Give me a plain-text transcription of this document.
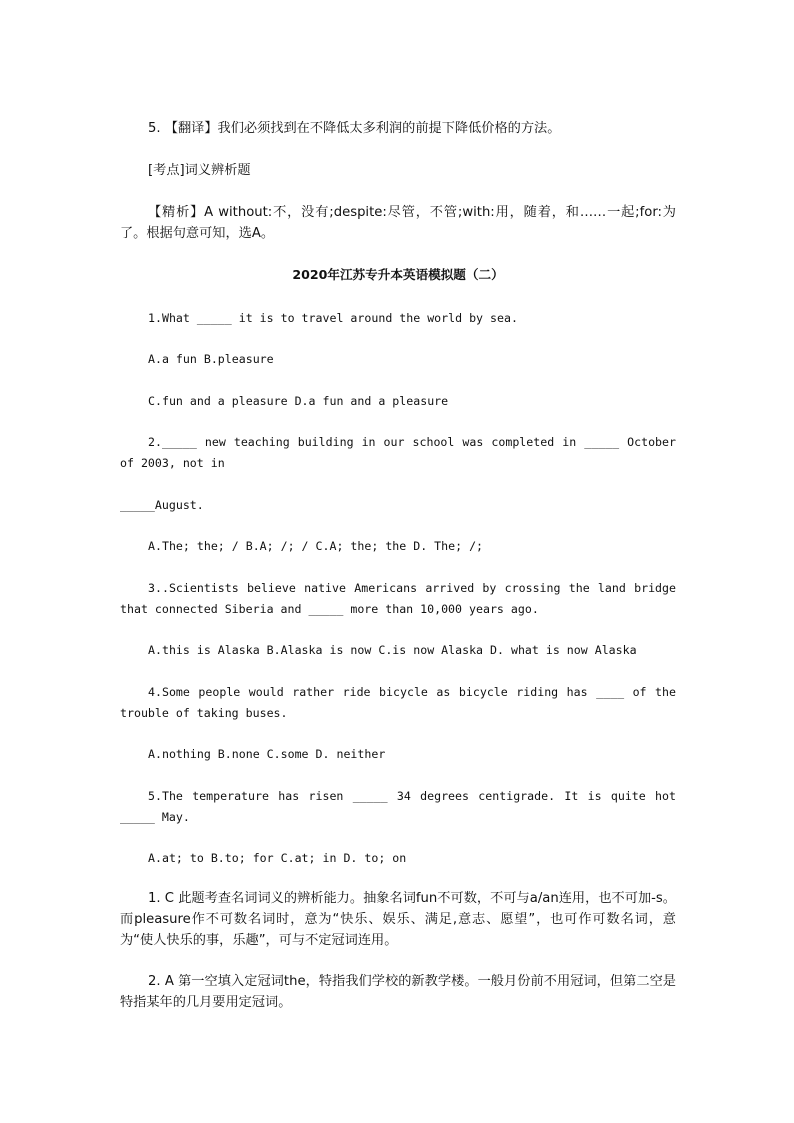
5. 【翻译】我们必须找到在不降低太多利润的前提下降低价格的方法。
[考点]词义辨析题
【精析】A without:不，没有;despite:尽管，不管;with:用，随着，和……一起;for:为了。根据句意可知，选A。
2020年江苏专升本英语模拟题（二）
1.What _____ it is to travel around the world by sea.
A.a fun B.pleasure
C.fun and a pleasure D.a fun and a pleasure
2._____ new teaching building in our school was completed in _____ October of 2003, not in
_____August.
A.The; the; / B.A; /; / C.A; the; the D. The; /;
3..Scientists believe native Americans arrived by crossing the land bridge that connected Siberia and _____ more than 10,000 years ago.
A.this is Alaska B.Alaska is now C.is now Alaska D. what is now Alaska
4.Some people would rather ride bicycle as bicycle riding has ____ of the trouble of taking buses.
A.nothing B.none C.some D. neither
5.The temperature has risen _____ 34 degrees centigrade. It is quite hot _____ May.
A.at; to B.to; for C.at; in D. to; on
1. C 此题考查名词词义的辨析能力。抽象名词fun不可数，不可与a/an连用，也不可加-s。而pleasure作不可数名词时，意为“快乐、娱乐、满足,意志、愿望”，也可作可数名词，意为“使人快乐的事，乐趣”，可与不定冠词连用。
2. A 第一空填入定冠词the，特指我们学校的新教学楼。一般月份前不用冠词，但第二空是特指某年的几月要用定冠词。
